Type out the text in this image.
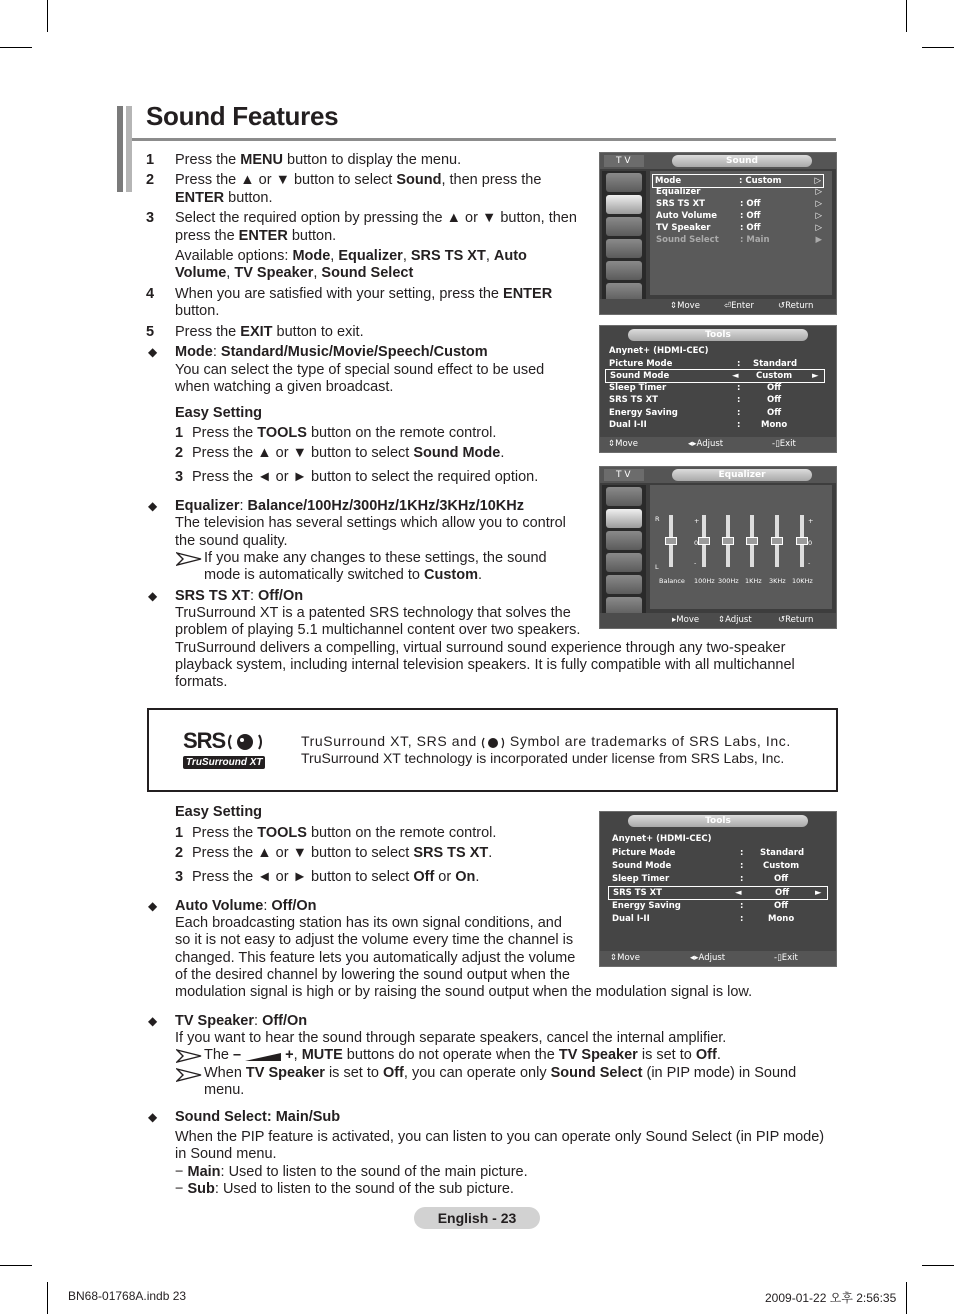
Sound Features
1 Press the MENU button to display the menu.
2 Press the ▲ or ▼ button to select Sound, then press the
ENTER button.
3 Select the required option by pressing the ▲ or ▼ button, then
press the ENTER button.
Available options: Mode, Equalizer, SRS TS XT, Auto
Volume, TV Speaker, Sound Select
4 When you are satisfied with your setting, press the ENTER
button.
5 Press the EXIT button to exit.
◆ Mode: Standard/Music/Movie/Speech/Custom
You can select the type of special sound effect to be used
when watching a given broadcast.
Easy Setting
1 Press the TOOLS button on the remote control.
2 Press the ▲ or ▼ button to select Sound Mode.
3 Press the ◄ or ► button to select the required option.
◆ Equalizer: Balance/100Hz/300Hz/1KHz/3KHz/10KHz
The television has several settings which allow you to control
the sound quality.
If you make any changes to these settings, the sound
mode is automatically switched to Custom.
◆ SRS TS XT: Off/On
TruSurround XT is a patented SRS technology that solves the
problem of playing 5.1 multichannel content over two speakers.
TruSurround delivers a compelling, virtual surround sound experience through any two-speaker
playback system, including internal television speakers. It is fully compatible with all multichannel
formats.
SRS
TruSurround XT
TruSurround XT, SRS and Symbol are trademarks of SRS Labs, Inc.
TruSurround XT technology is incorporated under license from SRS Labs, Inc.
Easy Setting
1 Press the TOOLS button on the remote control.
2 Press the ▲ or ▼ button to select SRS TS XT.
3 Press the ◄ or ► button to select Off or On.
◆ Auto Volume: Off/On
Each broadcasting station has its own signal conditions, and
so it is not easy to adjust the volume every time the channel is
changed. This feature lets you automatically adjust the volume
of the desired channel by lowering the sound output when the
modulation signal is high or by raising the sound output when the modulation signal is low.
◆ TV Speaker: Off/On
If you want to hear the sound through separate speakers, cancel the internal amplifier.
The –	+, MUTE buttons do not operate when the TV Speaker is set to Off.
When TV Speaker is set to Off, you can operate only Sound Select (in PIP mode) in Sound
menu.
◆ Sound Select: Main/Sub
When the PIP feature is activated, you can listen to you can operate only Sound Select (in PIP mode)
in Sound menu.
− Main: Used to listen to the sound of the main picture.
− Sub: Used to listen to the sound of the sub picture.
T V	Sound
Mode	: Custom	▷
Equalizer	▷
SRS TS XT	: Off	▷
Auto Volume	: Off	▷
TV Speaker	: Off	▷
Sound Select : Main	▶
⇕ Move	⏎ Enter	↺ Return
Tools
Anynet+ (HDMI-CEC)
Picture Mode	: Standard
Sound Mode	◄ Custom ►
Sleep Timer	:	Off
SRS TS XT	:	Off
Energy Saving	:	Off
Dual I-II	: Mono
⇕ Move	◂▸ Adjust	-▯ Exit
T V	Equalizer
R
L
+
0
-
+
0
-
Balance 100Hz 300Hz 1KHz 3KHz 10KHz
▸ Move ⇕ Adjust	↺ Return
Tools
Anynet+ (HDMI-CEC)
Picture Mode	: Standard
Sound Mode	: Custom
Sleep Timer	:	Off
SRS TS XT	◄	Off	►
Energy Saving	:	Off
Dual I-II	:	Mono
⇕ Move	◂▸ Adjust	-▯ Exit
English - 23
BN68-01768A.indb 23	2009-01-22 오후 2:56:35
